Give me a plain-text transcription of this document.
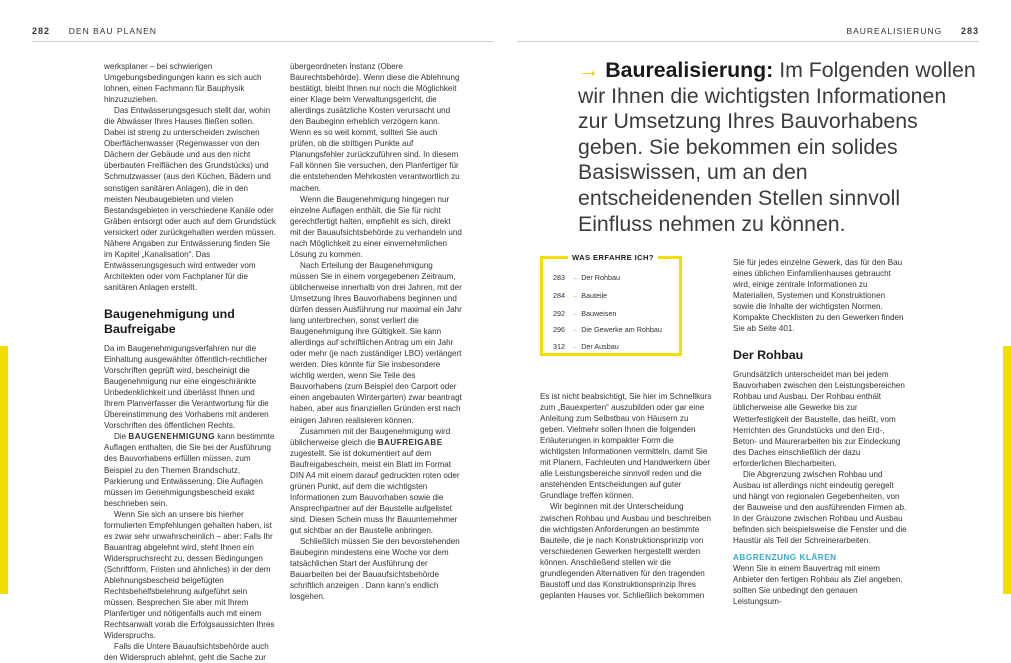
282 DEN BAU PLANEN	BAUREALISIERUNG 283

werksplaner – bei schwierigen Umgebungsbedingungen kann es sich auch lohnen, einen Fachmann für Bauphysik hinzuzuziehen.

Das Entwässerungsgesuch stellt dar, wohin die Abwässer Ihres Hauses fließen sollen. Dabei ist streng zu unterscheiden zwischen Oberflächenwasser (Regenwasser von den Dächern der Gebäude und aus den nicht überbauten Freiflächen des Grundstücks) und Schmutzwasser (aus den Küchen, Bädern und sonstigen sanitären Anlagen), die in den meisten Neubaugebieten und vielen Bestandsgebieten in verschiedene Kanäle oder Gräben entsorgt oder auch auf dem Grundstück versickert oder zurückgehalten werden müssen. Nähere Angaben zur Entwässerung finden Sie im Kapitel „Kanalisation“. Das Entwässerungsgesuch wird entweder vom Architekten oder vom Fachplaner für die sanitären Anlagen erstellt.

Baugenehmigung und Baufreigabe

Da im Baugenehmigungsverfahren nur die Einhaltung ausgewählter öffentlich-rechtlicher Vorschriften geprüft wird, bescheinigt die Baugenehmigung nur eine eingeschränkte Unbedenklichkeit und überlässt Ihnen und Ihrem Planverfasser die Verantwortung für die Übereinstimmung des Vorhabens mit anderen Vorschriften des öffentlichen Rechts.

Die BAUGENEHMIGUNG kann bestimmte Auflagen enthalten, die Sie bei der Ausführung des Bauvorhabens erfüllen müssen, zum Beispiel zu den Themen Brandschutz, Parkierung und Entwässerung. Die Auflagen müssen im Genehmigungsbescheid exakt beschrieben sein.

Wenn Sie sich an unsere bis hierher formulierten Empfehlungen gehalten haben, ist es zwar sehr unwahrscheinlich – aber: Falls Ihr Bauantrag abgelehnt wird, steht Ihnen ein Widerspruchsrecht zu, dessen Bedingungen (Schriftform, Fristen und ähnliches) in der dem Ablehnungsbescheid beigefügten Rechtsbehelfsbelehrung aufgeführt sein müssen. Besprechen Sie aber mit Ihrem Planfertiger und nötigenfalls auch mit einem Rechtsanwalt vorab die Erfolgsaussichten Ihres Widerspruchs.

Falls die Untere Bauaufsichtsbehörde auch den Widerspruch ablehnt, geht die Sache zur

übergeordneten Instanz (Obere Baurechtsbehörde). Wenn diese die Ablehnung bestätigt, bleibt Ihnen nur noch die Möglichkeit einer Klage beim Verwaltungsgericht, die allerdings zusätzliche Kosten verursacht und den Baubeginn erheblich verzögern kann. Wenn es so weit kommt, sollten Sie auch prüfen, ob die strittigen Punkte auf Planungsfehler zurückzuführen sind. In diesem Fall können Sie versuchen, den Planfertiger für die entstehenden Mehrkosten verantwortlich zu machen.

Wenn die Baugenehmigung hingegen nur einzelne Auflagen enthält, die Sie für nicht gerechtfertigt halten, empfiehlt es sich, direkt mit der Bauaufsichtsbehörde zu verhandeln und nach Möglichkeit zu einer einvernehmlichen Lösung zu kommen.

Nach Erteilung der Baugenehmigung müssen Sie in einem vorgegebenen Zeitraum, üblicherweise innerhalb von drei Jahren, mit der Umsetzung Ihres Bauvorhabens beginnen und dürfen dessen Ausführung nur maximal ein Jahr lang unterbrechen, sonst verliert die Baugenehmigung ihre Gültigkeit. Sie kann allerdings auf schriftlichen Antrag um ein Jahr oder mehr (je nach zuständiger LBO) verlängert werden. Dies könnte für Sie insbesondere wichtig werden, wenn Sie Teile des Bauvorhabens (zum Beispiel den Carport oder einen angebauten Wintergarten) zwar beantragt haben, aber aus finanziellen Gründen erst nach einigen Jahren realisieren können.

Zusammen mit der Baugenehmigung wird üblicherweise gleich die BAUFREIGABE zugestellt. Sie ist dokumentiert auf dem Baufreigabeschein, meist ein Blatt im Format DIN A4 mit einem darauf gedruckten roten oder grünen Punkt, auf dem die wichtigsten Informationen zum Bauvorhaben sowie die Ansprechpartner auf der Baustelle aufgelistet sind. Diesen Schein muss Ihr Bauunternehmer gut sichtbar an der Baustelle anbringen.

Schließlich müssen Sie den bevorstehenden Baubeginn mindestens eine Woche vor dem tatsächlichen Start der Ausführung der Bauarbeiten bei der Bauaufsichtsbehörde schriftlich anzeigen . Dann kann’s endlich losgehen.

→ Baurealisierung: Im Folgenden wollen wir Ihnen die wichtigsten Informationen zur Umsetzung Ihres Bauvorhabens geben. Sie bekommen ein solides Basiswissen, um an den entscheidenenden Stellen sinnvoll Einfluss nehmen zu können.
WAS ERFAHRE ICH?
283 → Der Rohbau
284 → Bauteile
292 → Bauweisen
296 → Die Gewerke am Rohbau
312 → Der Ausbau

Es ist nicht beabsichtigt, Sie hier im Schnellkurs zum „Bauexperten“ auszubilden oder gar eine Anleitung zum Selbstbau von Häusern zu geben. Vielmehr sollen Ihnen die folgenden Erläuterungen in kompakter Form die wichtigsten Informationen vermitteln, damit Sie mit Planern, Fachleuten und Handwerkern über alle Leistungsbereiche sinnvoll reden und die anstehenden Entscheidungen auf guter Grundlage treffen können.

Wir beginnen mit der Unterscheidung zwischen Rohbau und Ausbau und beschreiben die wichtigsten Anforderungen an bestimmte Bauteile, die je nach Konstruktionsprinzip von verschiedenen Gewerken hergestellt werden können. Anschließend stellen wir die grundlegenden Alternativen für den tragenden Baustoff und das Konstruktionsprinzip Ihres geplanten Hauses vor. Schließlich bekommen

Sie für jedes einzelne Gewerk, das für den Bau eines üblichen Einfamilienhauses gebraucht wird, einige zentrale Informationen zu Materialien, Systemen und Konstruktionen sowie die Inhalte der wichtigsten Normen. Kompakte Checklisten zu den Gewerken finden Sie ab Seite 401.

Der Rohbau

Grundsätzlich unterscheidet man bei jedem Bauvorhaben zwischen den Leistungsbereichen Rohbau und Ausbau. Der Rohbau enthält üblicherweise alle Gewerke bis zur Wetterfestigkeit der Baustelle, das heißt, vom Herrichten des Grundstücks und den Erd-, Beton- und Maurerarbeiten bis zur Eindeckung des Daches einschließlich der dazu erforderlichen Blecharbeiten.

Die Abgrenzung zwischen Rohbau und Ausbau ist allerdings nicht eindeutig geregelt und hängt von regionalen Gegebenheiten, von der Bauweise und den ausführenden Firmen ab. In der Grauzone zwischen Rohbau und Ausbau befinden sich beispielsweise die Fenster und die Haustür als Teil der Schreinerarbeiten.

ABGRENZUNG KLÄREN

Wenn Sie in einem Bauvertrag mit einem Anbieter den fertigen Rohbau als Ziel angeben, sollten Sie unbedingt den genauen Leistungsum-
